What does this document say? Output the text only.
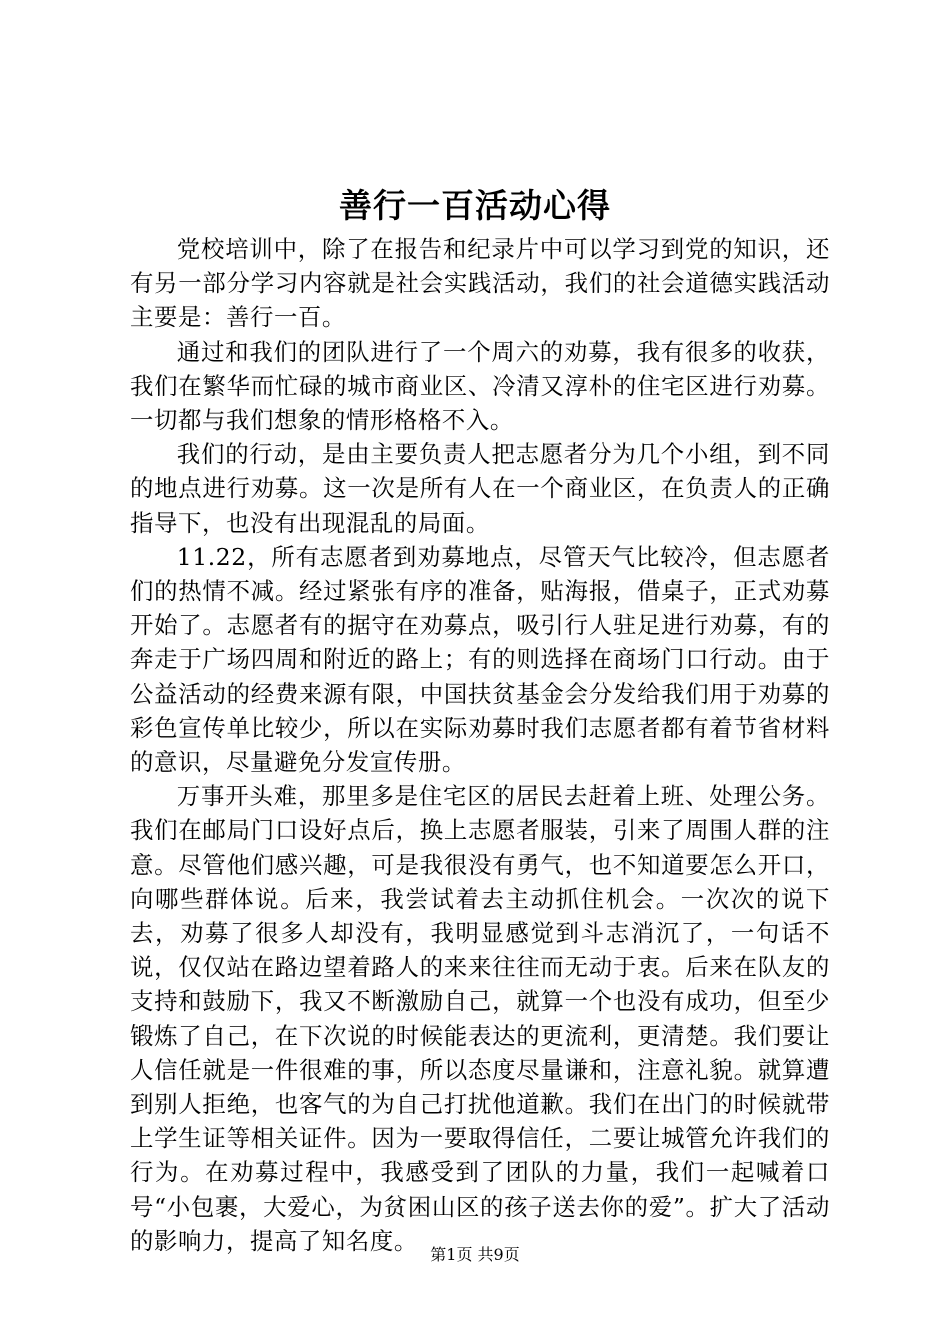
善行一百活动心得

党校培训中，除了在报告和纪录片中可以学习到党的知识，还有另一部分学习内容就是社会实践活动，我们的社会道德实践活动主要是：善行一百。

通过和我们的团队进行了一个周六的劝募，我有很多的收获，我们在繁华而忙碌的城市商业区、冷清又淳朴的住宅区进行劝募。一切都与我们想象的情形格格不入。

我们的行动，是由主要负责人把志愿者分为几个小组，到不同的地点进行劝募。这一次是所有人在一个商业区，在负责人的正确指导下，也没有出现混乱的局面。

11.22，所有志愿者到劝募地点，尽管天气比较冷，但志愿者们的热情不减。经过紧张有序的准备，贴海报，借桌子，正式劝募开始了。志愿者有的据守在劝募点，吸引行人驻足进行劝募，有的奔走于广场四周和附近的路上；有的则选择在商场门口行动。由于公益活动的经费来源有限，中国扶贫基金会分发给我们用于劝募的彩色宣传单比较少，所以在实际劝募时我们志愿者都有着节省材料的意识，尽量避免分发宣传册。

万事开头难，那里多是住宅区的居民去赶着上班、处理公务。我们在邮局门口设好点后，换上志愿者服装，引来了周围人群的注意。尽管他们感兴趣，可是我很没有勇气，也不知道要怎么开口，向哪些群体说。后来，我尝试着去主动抓住机会。一次次的说下去，劝募了很多人却没有，我明显感觉到斗志消沉了，一句话不说，仅仅站在路边望着路人的来来往往而无动于衷。后来在队友的支持和鼓励下，我又不断激励自己，就算一个也没有成功，但至少锻炼了自己，在下次说的时候能表达的更流利，更清楚。我们要让人信任就是一件很难的事，所以态度尽量谦和，注意礼貌。就算遭到别人拒绝，也客气的为自己打扰他道歉。我们在出门的时候就带上学生证等相关证件。因为一要取得信任，二要让城管允许我们的行为。在劝募过程中，我感受到了团队的力量，我们一起喊着口号“小包裹，大爱心，为贫困山区的孩子送去你的爱”。扩大了活动的影响力，提高了知名度。 第1页 共9页
